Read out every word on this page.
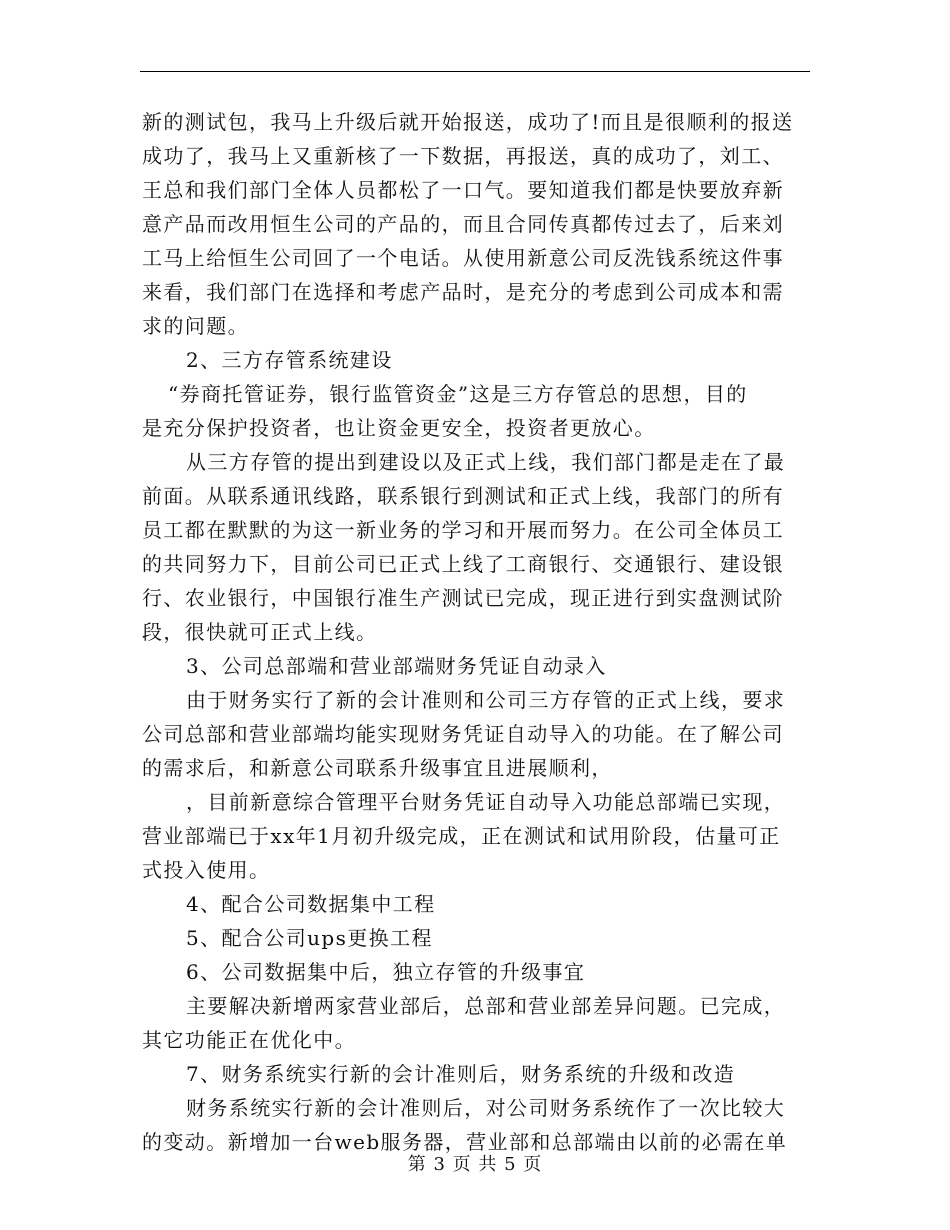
新的测试包，我马上升级后就开始报送，成功了!而且是很顺利的报送
成功了，我马上又重新核了一下数据，再报送，真的成功了，刘工、
王总和我们部门全体人员都松了一口气。要知道我们都是快要放弃新
意产品而改用恒生公司的产品的，而且合同传真都传过去了，后来刘
工马上给恒生公司回了一个电话。从使用新意公司反洗钱系统这件事
来看，我们部门在选择和考虑产品时，是充分的考虑到公司成本和需
求的问题。
2、三方存管系统建设
“券商托管证券，银行监管资金”这是三方存管总的思想，目的
是充分保护投资者，也让资金更安全，投资者更放心。
从三方存管的提出到建设以及正式上线，我们部门都是走在了最
前面。从联系通讯线路，联系银行到测试和正式上线，我部门的所有
员工都在默默的为这一新业务的学习和开展而努力。在公司全体员工
的共同努力下，目前公司已正式上线了工商银行、交通银行、建设银
行、农业银行，中国银行准生产测试已完成，现正进行到实盘测试阶
段，很快就可正式上线。
3、公司总部端和营业部端财务凭证自动录入
由于财务实行了新的会计准则和公司三方存管的正式上线，要求
公司总部和营业部端均能实现财务凭证自动导入的功能。在了解公司
的需求后，和新意公司联系升级事宜且进展顺利，
，目前新意综合管理平台财务凭证自动导入功能总部端已实现，
营业部端已于xx年1月初升级完成，正在测试和试用阶段，估量可正
式投入使用。
4、配合公司数据集中工程
5、配合公司ups更换工程
6、公司数据集中后，独立存管的升级事宜
主要解决新增两家营业部后，总部和营业部差异问题。已完成，
其它功能正在优化中。
7、财务系统实行新的会计准则后，财务系统的升级和改造
财务系统实行新的会计准则后，对公司财务系统作了一次比较大
的变动。新增加一台web服务器，营业部和总部端由以前的必需在单
第 3 页 共 5 页
